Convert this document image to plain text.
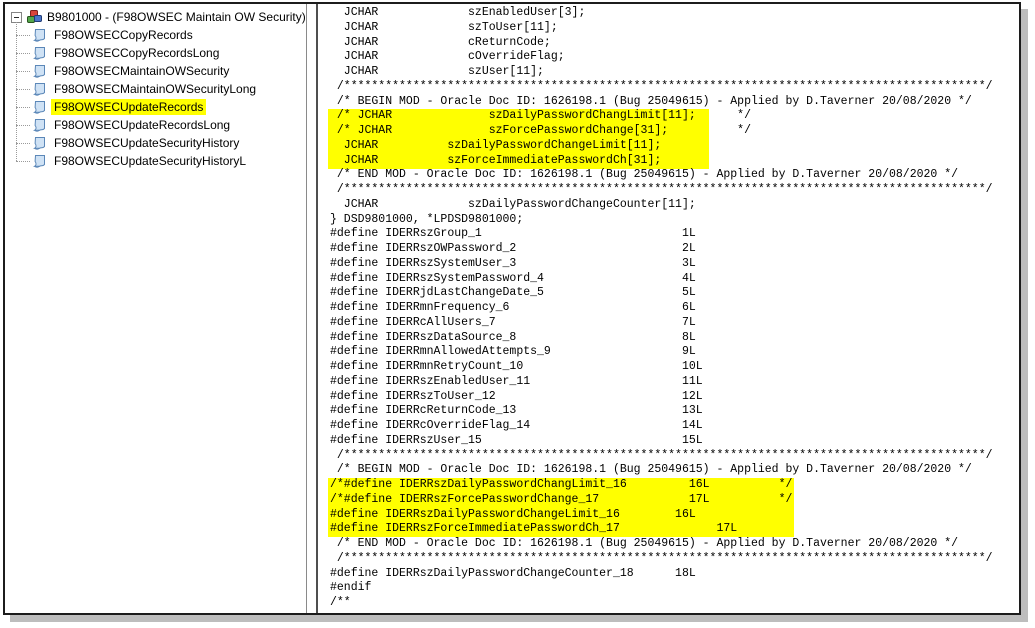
B9801000 - (F98OWSEC Maintain OW Security)
F98OWSECCopyRecords
F98OWSECCopyRecordsLong
F98OWSECMaintainOWSecurity
F98OWSECMaintainOWSecurityLong
F98OWSECUpdateRecords
F98OWSECUpdateRecordsLong
F98OWSECUpdateSecurityHistory
F98OWSECUpdateSecurityHistoryL
JCHAR             szEnabledUser[3];
JCHAR             szToUser[11];
JCHAR             cReturnCode;
JCHAR             cOverrideFlag;
JCHAR             szUser[11];
/*********************************************************************************************/
/* BEGIN MOD - Oracle Doc ID: 1626198.1 (Bug 25049615) - Applied by D.Taverner 20/08/2020 */
/* JCHAR              szDailyPasswordChangLimit[11];      */
/* JCHAR              szForcePasswordChange[31];          */
JCHAR          szDailyPasswordChangeLimit[11];
JCHAR          szForceImmediatePasswordCh[31];
/* END MOD - Oracle Doc ID: 1626198.1 (Bug 25049615) - Applied by D.Taverner 20/08/2020 */
/*********************************************************************************************/
JCHAR             szDailyPasswordChangeCounter[11];
} DSD9801000, *LPDSD9801000;
#define IDERRszGroup_1                             1L
#define IDERRszOWPassword_2                        2L
#define IDERRszSystemUser_3                        3L
#define IDERRszSystemPassword_4                    4L
#define IDERRjdLastChangeDate_5                    5L
#define IDERRmnFrequency_6                         6L
#define IDERRcAllUsers_7                           7L
#define IDERRszDataSource_8                        8L
#define IDERRmnAllowedAttempts_9                   9L
#define IDERRmnRetryCount_10                       10L
#define IDERRszEnabledUser_11                      11L
#define IDERRszToUser_12                           12L
#define IDERRcReturnCode_13                        13L
#define IDERRcOverrideFlag_14                      14L
#define IDERRszUser_15                             15L
/*********************************************************************************************/
/* BEGIN MOD - Oracle Doc ID: 1626198.1 (Bug 25049615) - Applied by D.Taverner 20/08/2020 */
/*#define IDERRszDailyPasswordChangLimit_16         16L          */
/*#define IDERRszForcePasswordChange_17             17L          */
#define IDERRszDailyPasswordChangeLimit_16        16L
#define IDERRszForceImmediatePasswordCh_17              17L
/* END MOD - Oracle Doc ID: 1626198.1 (Bug 25049615) - Applied by D.Taverner 20/08/2020 */
/*********************************************************************************************/
#define IDERRszDailyPasswordChangeCounter_18      18L
#endif
/**
